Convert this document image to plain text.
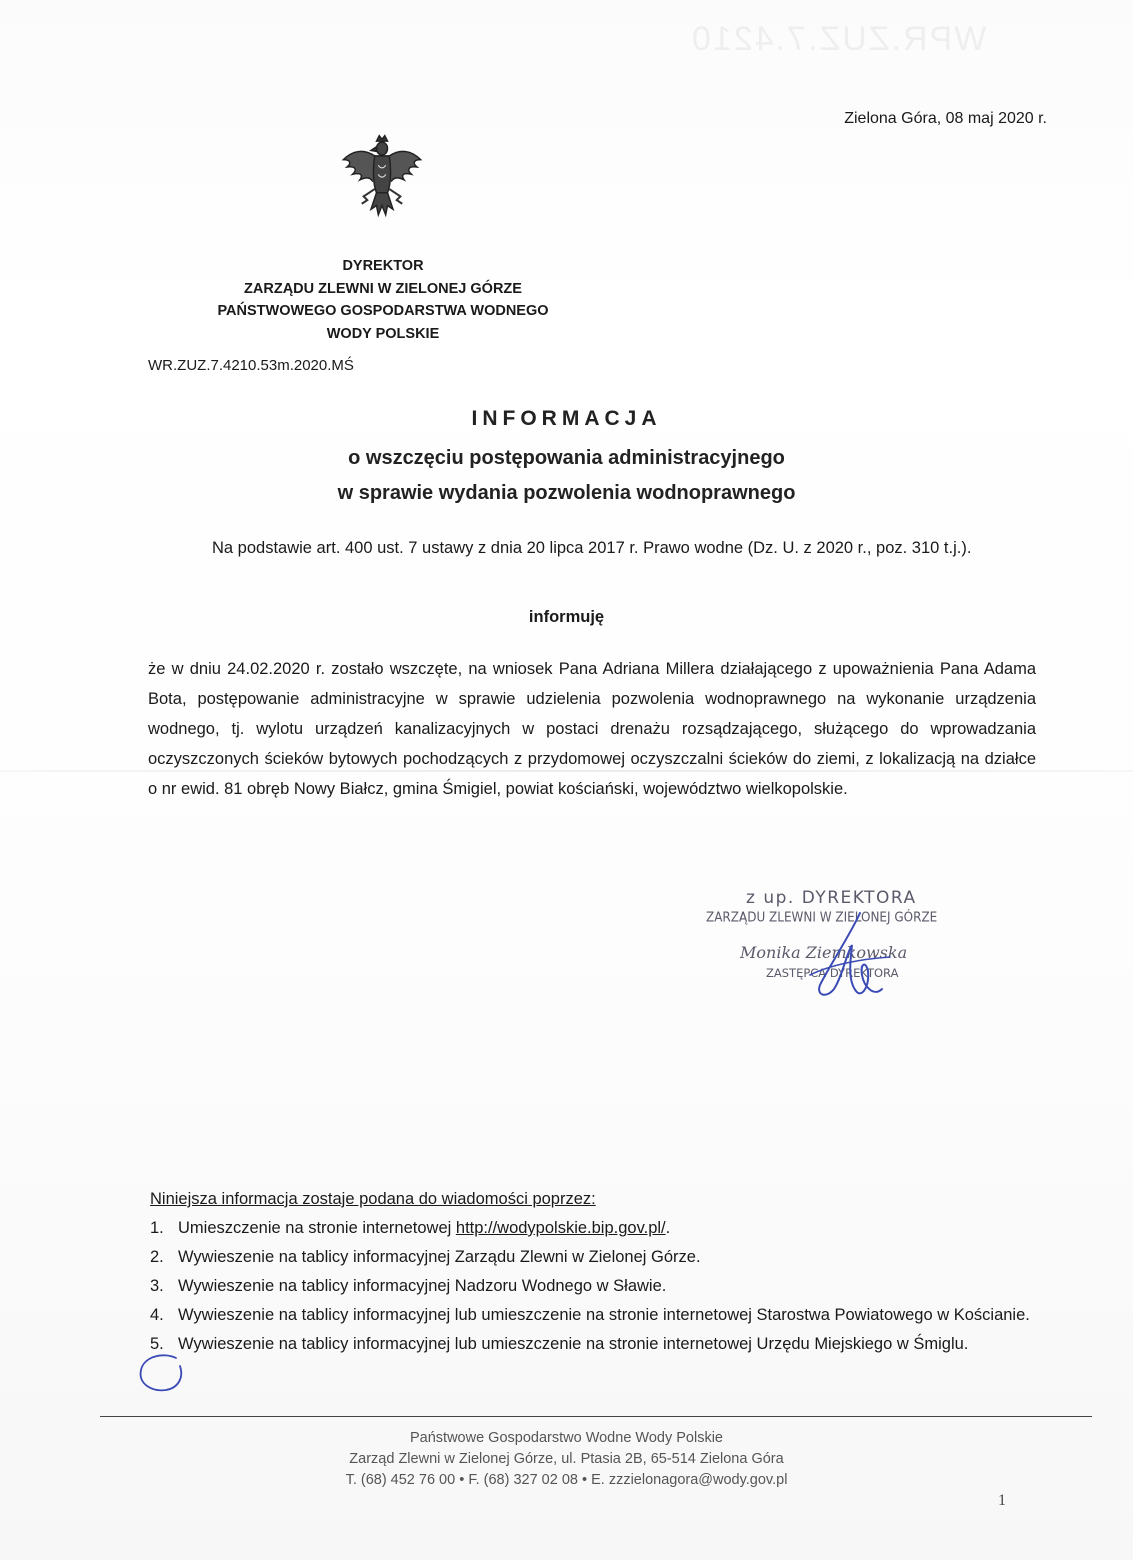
WPR.ZUZ.7.4210
Zielona Góra, 08 maj 2020 r.
DYREKTOR
ZARZĄDU ZLEWNI W ZIELONEJ GÓRZE
PAŃSTWOWEGO GOSPODARSTWA WODNEGO
WODY POLSKIE
WR.ZUZ.7.4210.53m.2020.MŚ
INFORMACJA
o wszczęciu postępowania administracyjnego
w sprawie wydania pozwolenia wodnoprawnego
Na podstawie art. 400 ust. 7 ustawy z dnia 20 lipca 2017 r. Prawo wodne (Dz. U. z 2020 r., poz. 310 t.j.).
informuję
że w dniu 24.02.2020 r. zostało wszczęte, na wniosek Pana Adriana Millera działającego z upoważnienia Pana Adama Bota, postępowanie administracyjne w sprawie udzielenia pozwolenia wodnoprawnego na wykonanie urządzenia wodnego, tj. wylotu urządzeń kanalizacyjnych w postaci drenażu rozsądzającego, służącego do wprowadzania oczyszczonych ścieków bytowych pochodzących z przydomowej oczyszczalni ścieków do ziemi, z lokalizacją na działce o nr ewid. 81 obręb Nowy Białcz, gmina Śmigiel, powiat kościański, województwo wielkopolskie.
z up. DYREKTORA
ZARZĄDU ZLEWNI W ZIELONEJ GÓRZE
Monika Ziemkowska
ZASTĘPCA DYREKTORA
Niniejsza informacja zostaje podana do wiadomości poprzez:
1. Umieszczenie na stronie internetowej http://wodypolskie.bip.gov.pl/.
2. Wywieszenie na tablicy informacyjnej Zarządu Zlewni w Zielonej Górze.
3. Wywieszenie na tablicy informacyjnej Nadzoru Wodnego w Sławie.
4. Wywieszenie na tablicy informacyjnej lub umieszczenie na stronie internetowej Starostwa Powiatowego w Kościanie.
5. Wywieszenie na tablicy informacyjnej lub umieszczenie na stronie internetowej Urzędu Miejskiego w Śmiglu.
Państwowe Gospodarstwo Wodne Wody Polskie
Zarząd Zlewni w Zielonej Górze, ul. Ptasia 2B, 65-514 Zielona Góra
T. (68) 452 76 00 • F. (68) 327 02 08 • E. zzzielonagora@wody.gov.pl
1
